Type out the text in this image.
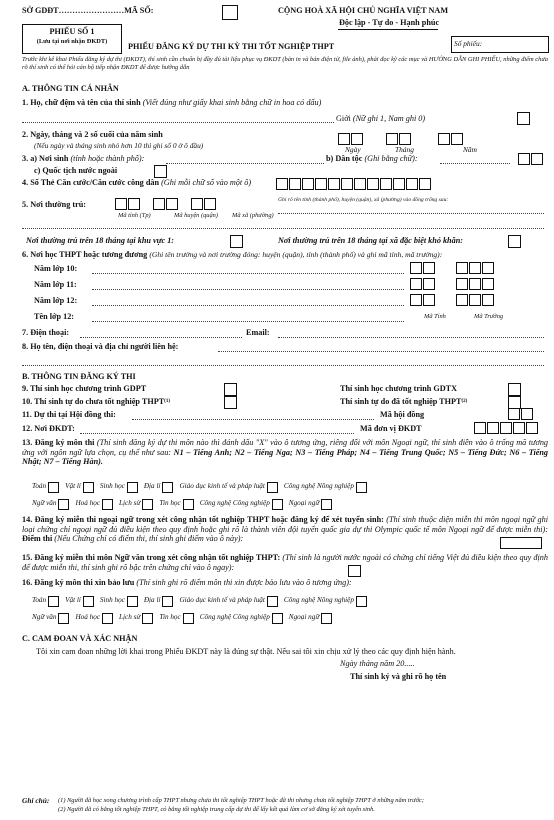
SỞ GDĐT……………………MÃ SỐ:	CỘNG HOÀ XÃ HỘI CHỦ NGHĨA VIỆT NAM
Độc lập - Tự do - Hạnh phúc
PHIẾU SỐ 1
(Lưu tại nơi nhận ĐKDT)
PHIẾU ĐĂNG KÝ DỰ THI KỲ THI TỐT NGHIỆP THPT	Số phiếu:
Trước khi kê khai Phiếu đăng ký dự thi (ĐKDT), thí sinh cần chuẩn bị đầy đủ tài liệu phục vụ ĐKDT (bản in và bản điện tử, file ảnh), phải đọc kỹ các mục và HƯỚNG DẪN GHI PHIẾU, những điểm chưa rõ thí sinh có thể hỏi cán bộ tiếp nhận ĐKDT để được hướng dẫn
A. THÔNG TIN CÁ NHÂN
1. Họ, chữ đệm và tên của thí sinh
(Viết đúng như giấy khai sinh bằng chữ in hoa có dấu)
Giới
(Nữ ghi 1, Nam ghi 0)
2. Ngày, tháng và 2 số cuối của năm sinh
(Nếu ngày và tháng sinh nhỏ hơn 10 thì ghi số 0 ở ô đầu)	Ngày	Tháng	Năm
3. a) Nơi sinh
(tỉnh hoặc thành phố):	b) Dân tộc
(Ghi bằng chữ):
c) Quốc tịch nước ngoài
4. Số Thẻ Căn cước/Căn cước công dân
(Ghi mỗi chữ số vào một ô)
5. Nơi thường trú:	Ghi rõ tên tỉnh (thành phố), huyện (quận), xã (phường) vào đồng trống sau:
Mã tỉnh (Tp)	Mã huyện (quận) Mã xã (phường)
Nơi thường trú trên 18 tháng tại khu vực 1:	Nơi thường trú trên 18 tháng tại xã đặc biệt khó khăn:
6. Nơi học THPT hoặc tương đương
(Ghi tên trường và nơi trường đóng: huyện (quận), tỉnh (thành phố) và ghi mã tỉnh, mã trường):
Năm lớp 10:
Năm lớp 11:
Năm lớp 12:
Tên lớp 12:	Mã Tỉnh	Mã Trường
7. Điện thoại:	Email:
8. Họ tên, điện thoại và địa chỉ người liên hệ:
B. THÔNG TIN ĐĂNG KÝ THI
9. Thí sinh học chương trình GDPT	Thí sinh học chương trình GDTX
10. Thí sinh tự do chưa tốt nghiệp THPT (1)	Thí sinh tự do đã tốt nghiệp THPT (2)
11. Dự thi tại Hội đồng thi:	Mã hội đồng
12. Nơi ĐKDT:	Mã đơn vị ĐKDT
13. Đăng ký môn thi (Thí sinh đăng ký dự thi môn nào thì đánh dấu "X" vào ô tương ứng, riêng đối với môn Ngoại ngữ, thí sinh điền vào ô trống mã tương ứng với ngôn ngữ lựa chọn, cụ thể như sau: N1 – Tiếng Anh; N2 – Tiếng Nga; N3 – Tiếng Pháp; N4 – Tiếng Trung Quốc; N5 – Tiếng Đức; N6 – Tiếng Nhật; N7 – Tiếng Hàn).
Toán	Vật lí	Sinh học	Địa lí	Giáo dục kinh tế và pháp luật	Công nghệ Nông nghiệp
Ngữ văn	Hoá học	Lịch sử	Tin học	Công nghệ Công nghiệp	Ngoại ngữ
14. Đăng ký miễn thi ngoại ngữ trong xét công nhận tốt nghiệp THPT hoặc đăng ký để xét tuyển sinh: (Thí sinh thuộc diện miễn thi môn ngoại ngữ ghi loại chứng chỉ ngoại ngữ đủ điều kiện theo quy định hoặc ghi rõ là thành viên đội tuyển quốc gia dự thi Olympic quốc tế môn Ngoại ngữ để được miễn thi): Điểm thi (Nếu Chứng chỉ có điểm thi, thí sinh ghi điểm vào ô này):
15. Đăng ký miễn thi môn Ngữ văn trong xét công nhận tốt nghiệp THPT: (Thí sinh là người nước ngoài có chứng chỉ tiếng Việt đủ điều kiện theo quy định để được miễn thi, thí sinh ghi rõ bậc trên chứng chỉ vào ô ngay):
16. Đăng ký môn thi xin bảo lưu
(Thí sinh ghi rõ điểm môn thi xin được bảo lưu vào ô tương ứng):
Toán	Vật lí	Sinh học	Địa lí	Giáo dục kinh tế và pháp luật	Công nghệ Nông nghiệp
Ngữ văn	Hoá học	Lịch sử	Tin học	Công nghệ Công nghiệp	Ngoại ngữ
C. CAM ĐOAN VÀ XÁC NHẬN
Tôi xin cam đoan những lời khai trong Phiếu ĐKDT này là đúng sự thật. Nếu sai tôi xin chịu xử lý theo các quy định hiện hành.
Ngày tháng năm 20.....
Thí sinh ký và ghi rõ họ tên
Ghi chú: (1) Người đã học xong chương trình cấp THPT nhưng chưa thi tốt nghiệp THPT hoặc đã thi nhưng chưa tốt nghiệp THPT ở những năm trước;
(2) Người đã có bằng tốt nghiệp THPT, có bằng tốt nghiệp trung cấp dự thi để lấy kết quả làm cơ sở đăng ký xét tuyển sinh.
